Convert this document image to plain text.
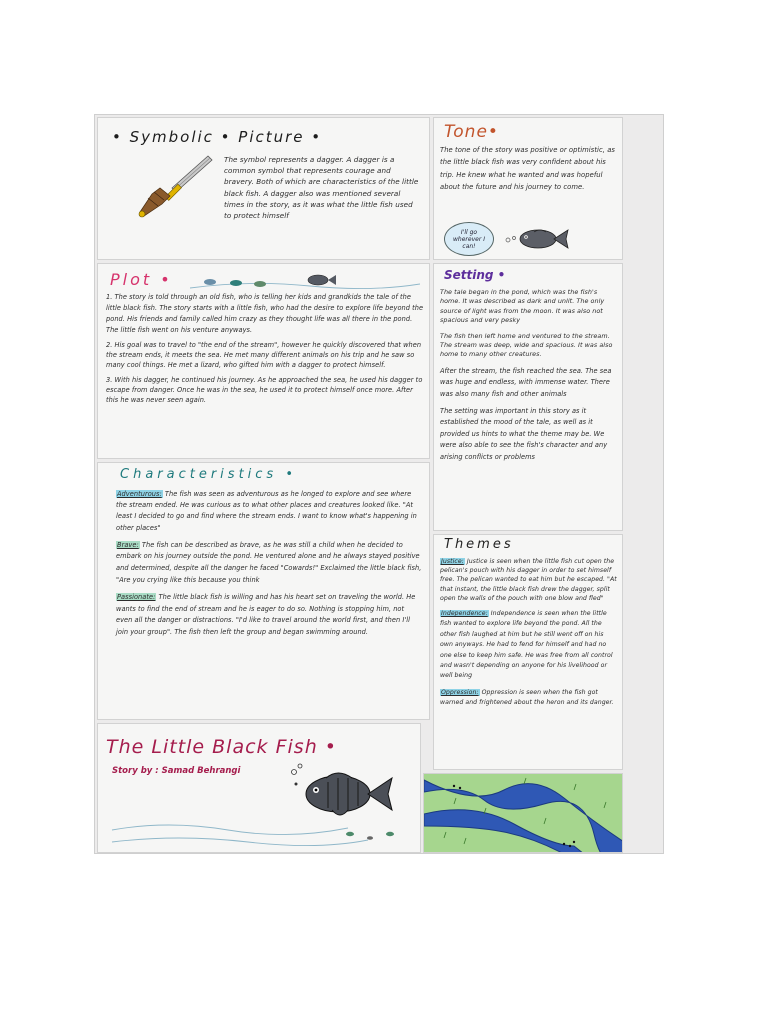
• Symbolic • Picture •

The symbol represents a dagger. A dagger is a common symbol that represents courage and bravery. Both of which are characteristics of the little black fish. A dagger also was mentioned several times in the story, as it was what the little fish used to protect himself

Tone•

The tone of the story was positive or optimistic, as the little black fish was very confident about his trip. He knew what he wanted and was hopeful about the future and his journey to come.

I'll go wherever I can!
Plot •

1. The story is told through an old fish, who is telling her kids and grandkids the tale of the little black fish. The story starts with a little fish, who had the desire to explore life beyond the pond. His friends and family called him crazy as they thought life was all there in the pond. The little fish went on his venture anyways.

2. His goal was to travel to "the end of the stream", however he quickly discovered that when the stream ends, it meets the sea. He met many different animals on his trip and he saw so many cool things. He met a lizard, who gifted him with a dagger to protect himself.

3. With his dagger, he continued his journey. As he approached the sea, he used his dagger to escape from danger. Once he was in the sea, he used it to protect himself once more. After this he was never seen again.

Setting •

The tale began in the pond, which was the fish's home. It was described as dark and unlit. The only source of light was from the moon. It was also not spacious and very pesky

The fish then left home and ventured to the stream. The stream was deep, wide and spacious. It was also home to many other creatures.

After the stream, the fish reached the sea. The sea was huge and endless, with immense water. There was also many fish and other animals

The setting was important in this story as it established the mood of the tale, as well as it provided us hints to what the theme may be. We were also able to see the fish's character and any arising conflicts or problems

Characteristics •

Adventurous: The fish was seen as adventurous as he longed to explore and see where the stream ended. He was curious as to what other places and creatures looked like. "At least I decided to go and find where the stream ends. I want to know what's happening in other places"

Brave: The fish can be described as brave, as he was still a child when he decided to embark on his journey outside the pond. He ventured alone and he always stayed positive and determined, despite all the danger he faced "Cowards!" Exclaimed the little black fish, "Are you crying like this because you think

Passionate: The little black fish is willing and has his heart set on traveling the world. He wants to find the end of stream and he is eager to do so. Nothing is stopping him, not even all the danger or distractions. "I'd like to travel around the world first, and then I'll join your group". The fish then left the group and began swimming around.

Themes

Justice: Justice is seen when the little fish cut open the pelican's pouch with his dagger in order to set himself free. The pelican wanted to eat him but he escaped. "At that instant, the little black fish drew the dagger, split open the walls of the pouch with one blow and fled"

Independence: Independence is seen when the little fish wanted to explore life beyond the pond. All the other fish laughed at him but he still went off on his own anyways. He had to fend for himself and had no one else to keep him safe. He was free from all control and wasn't depending on anyone for his livelihood or well being

Oppression: Oppression is seen when the fish got warned and frightened about the heron and its danger.

The Little Black Fish •
Story by : Samad Behrangi
